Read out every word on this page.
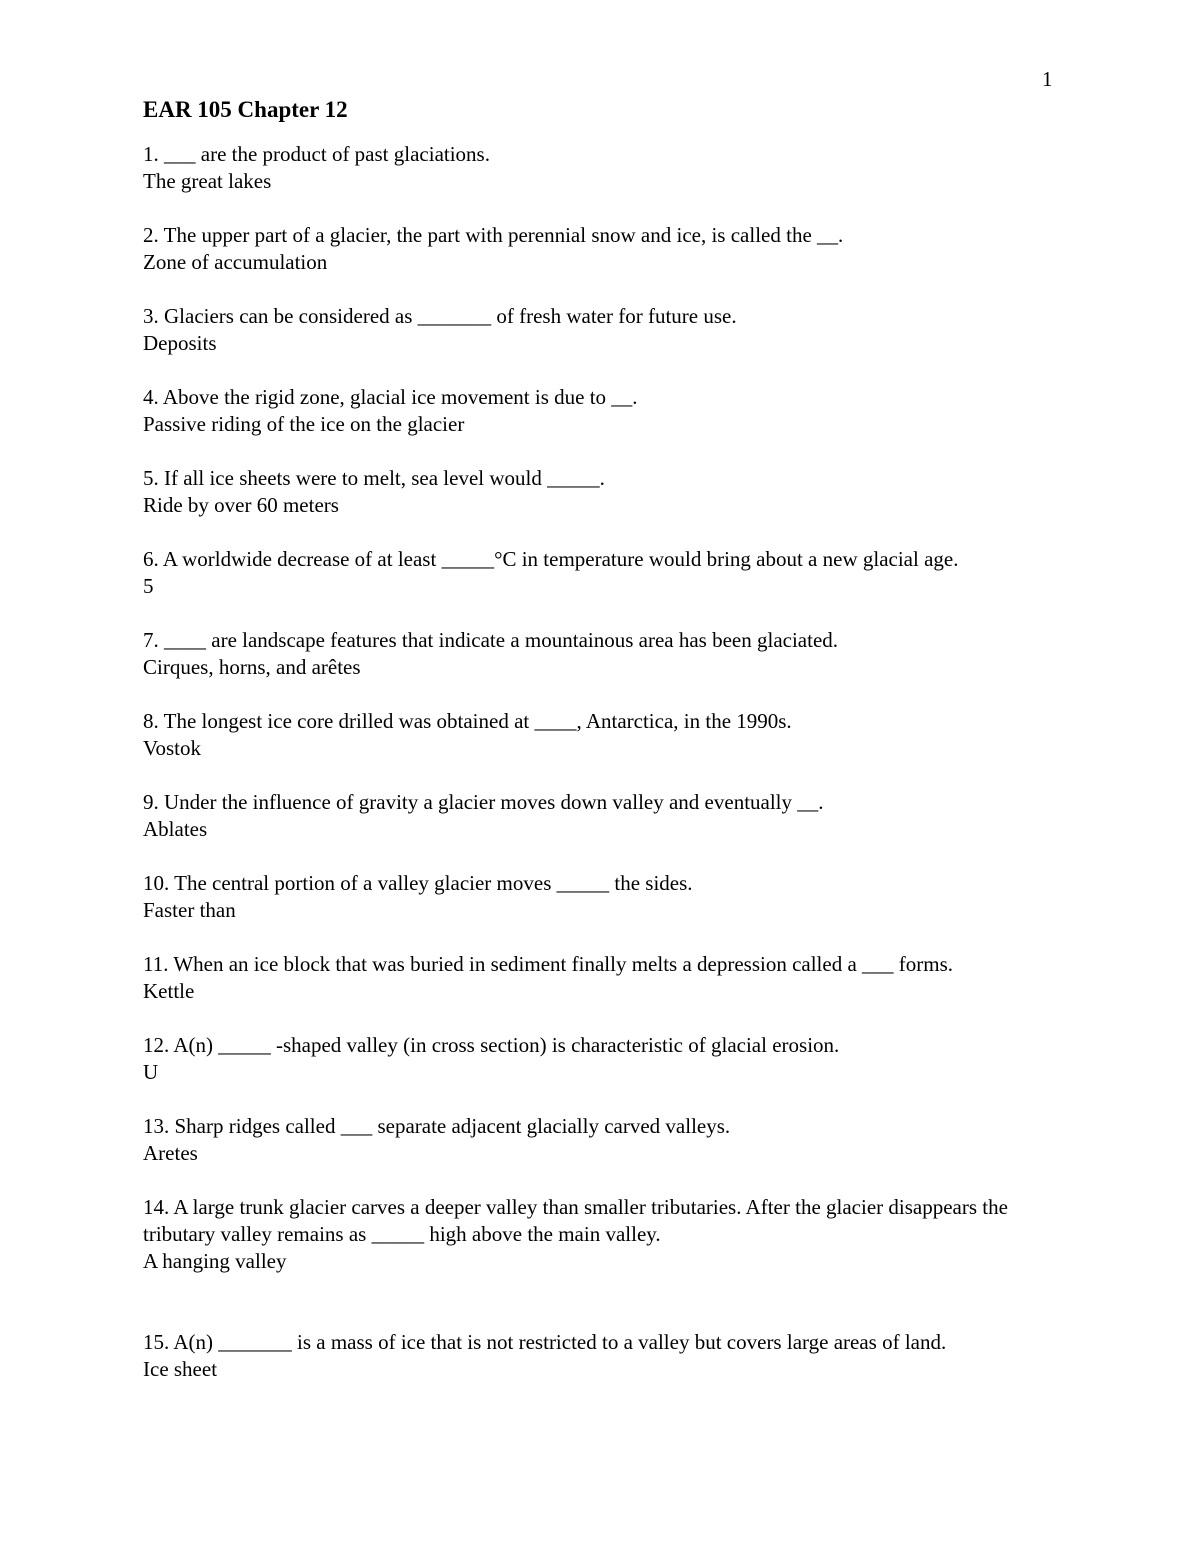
1
EAR 105 Chapter 12

1. ___ are the product of past glaciations.

The great lakes

2. The upper part of a glacier, the part with perennial snow and ice, is called the __.

Zone of accumulation

3. Glaciers can be considered as _______ of fresh water for future use.

Deposits

4. Above the rigid zone, glacial ice movement is due to __.

Passive riding of the ice on the glacier

5. If all ice sheets were to melt, sea level would _____.

Ride by over 60 meters

6. A worldwide decrease of at least _____°C in temperature would bring about a new glacial age.

5

7. ____ are landscape features that indicate a mountainous area has been glaciated.

Cirques, horns, and arêtes

8. The longest ice core drilled was obtained at ____, Antarctica, in the 1990s.

Vostok

9. Under the influence of gravity a glacier moves down valley and eventually __.

Ablates

10. The central portion of a valley glacier moves _____ the sides.

Faster than

11. When an ice block that was buried in sediment finally melts a depression called a ___ forms.

Kettle

12. A(n) _____ -shaped valley (in cross section) is characteristic of glacial erosion.

U

13. Sharp ridges called ___ separate adjacent glacially carved valleys.

Aretes

14. A large trunk glacier carves a deeper valley than smaller tributaries. After the glacier disappears the tributary valley remains as _____ high above the main valley.

A hanging valley

15. A(n) _______ is a mass of ice that is not restricted to a valley but covers large areas of land.

Ice sheet
